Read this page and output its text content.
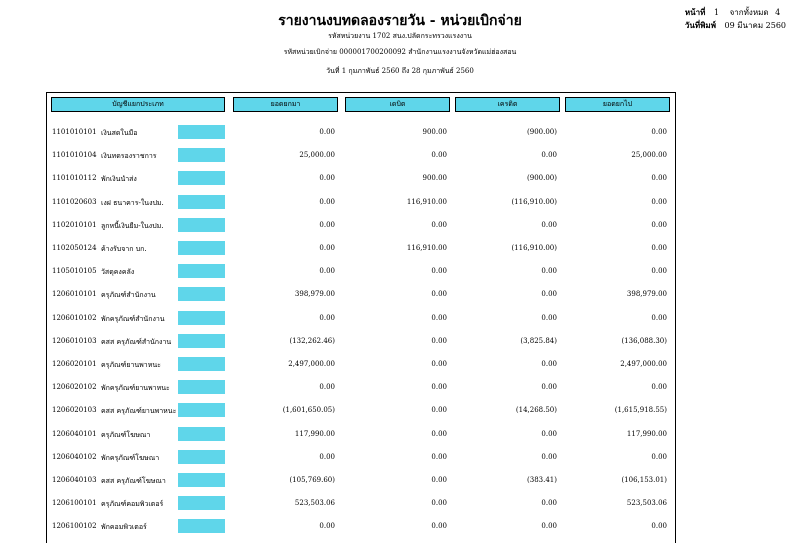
รายงานงบทดลองรายวัน - หน่วยเบิกจ่าย
รหัสหน่วยงาน 1702 สนง.ปลัดกระทรวงแรงงาน
รหัสหน่วยเบิกจ่าย 000001700200092 สำนักงานแรงงานจังหวัดแม่ฮ่องสอน
วันที่ 1 กุมภาพันธ์ 2560 ถึง 28 กุมภาพันธ์ 2560
หน้าที่ 1 จากทั้งหมด 4
วันที่พิมพ์ 09 มีนาคม 2560
บัญชีแยกประเภท	ยอดยกมา	เดบิต	เครดิต	ยอดยกไป
1101010101 เงินสดในมือ	0.00	900.00	(900.00)	0.00
1101010104 เงินทดรองราชการ	25,000.00	0.00	0.00	25,000.00
1101010112 พักเงินนำส่ง	0.00	900.00	(900.00)	0.00
1101020603 เงฝ ธนาคาร-ในงปม.	0.00	116,910.00	(116,910.00)	0.00
1102010101 ลูกหนี้เงินยืม-ในงปม.	0.00	0.00	0.00	0.00
1102050124 ค้างรับจาก บก.	0.00	116,910.00	(116,910.00)	0.00
1105010105 วัสดุคงคลัง	0.00	0.00	0.00	0.00
1206010101 ครุภัณฑ์สำนักงาน	398,979.00	0.00	0.00	398,979.00
1206010102 พักครุภัณฑ์สำนักงาน	0.00	0.00	0.00	0.00
1206010103 คสส ครุภัณฑ์สำนักงาน	(132,262.46)	0.00	(3,825.84)	(136,088.30)
1206020101 ครุภัณฑ์ยานพาหนะ	2,497,000.00	0.00	0.00	2,497,000.00
1206020102 พักครุภัณฑ์ยานพาหนะ	0.00	0.00	0.00	0.00
1206020103 คสส ครุภัณฑ์ยานพาหนะ	(1,601,650.05)	0.00	(14,268.50)	(1,615,918.55)
1206040101 ครุภัณฑ์โฆษณา	117,990.00	0.00	0.00	117,990.00
1206040102 พักครุภัณฑ์โฆษณา	0.00	0.00	0.00	0.00
1206040103 คสส ครุภัณฑ์โฆษณา	(105,769.60)	0.00	(383.41)	(106,153.01)
1206100101 ครุภัณฑ์คอมพิวเตอร์	523,503.06	0.00	0.00	523,503.06
1206100102 พักคอมพิวเตอร์	0.00	0.00	0.00	0.00
